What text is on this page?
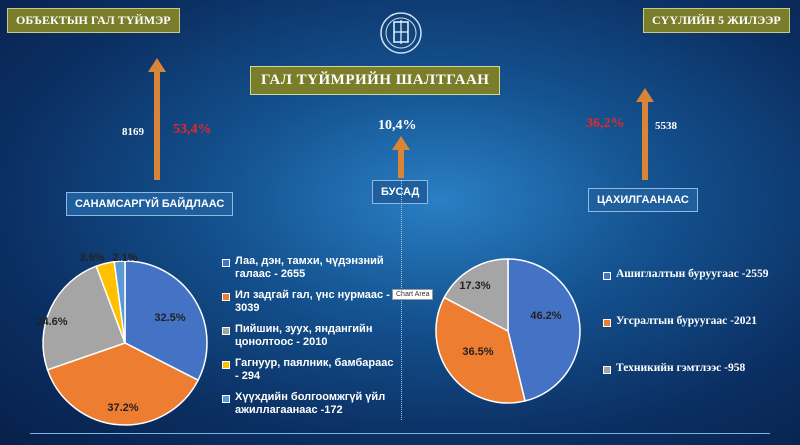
ОБЪЕКТЫН ГАЛ ТҮЙМЭР	СҮҮЛИЙН 5 ЖИЛЭЭР
ГАЛ ТҮЙМРИЙН ШАЛТГААН
8169 53,4%	10,4%	36,2%	5538
САНАМСАРГҮЙ БАЙДЛААС
БУСАД
ЦАХИЛГААНААС
32.5%
37.2%
24.6%
3.6% 2.1%	Лаа, дэн, тамхи, чүдэнзний галаас - 2655
Ил задгай гал, үнс нурмаас - 3039
Пийшин, зуух, яндангийн цонолтоос - 2010
Гагнуур, паялник, бамбараас - 294
Хүүхдийн болгоомжгүй үйл ажиллагаанаас -172
Chart Area
46.2%
36.5%
17.3%
Ашиглалтын буруугаас -2559
Угсралтын буруугаас -2021
Техникийн гэмтлээс -958
